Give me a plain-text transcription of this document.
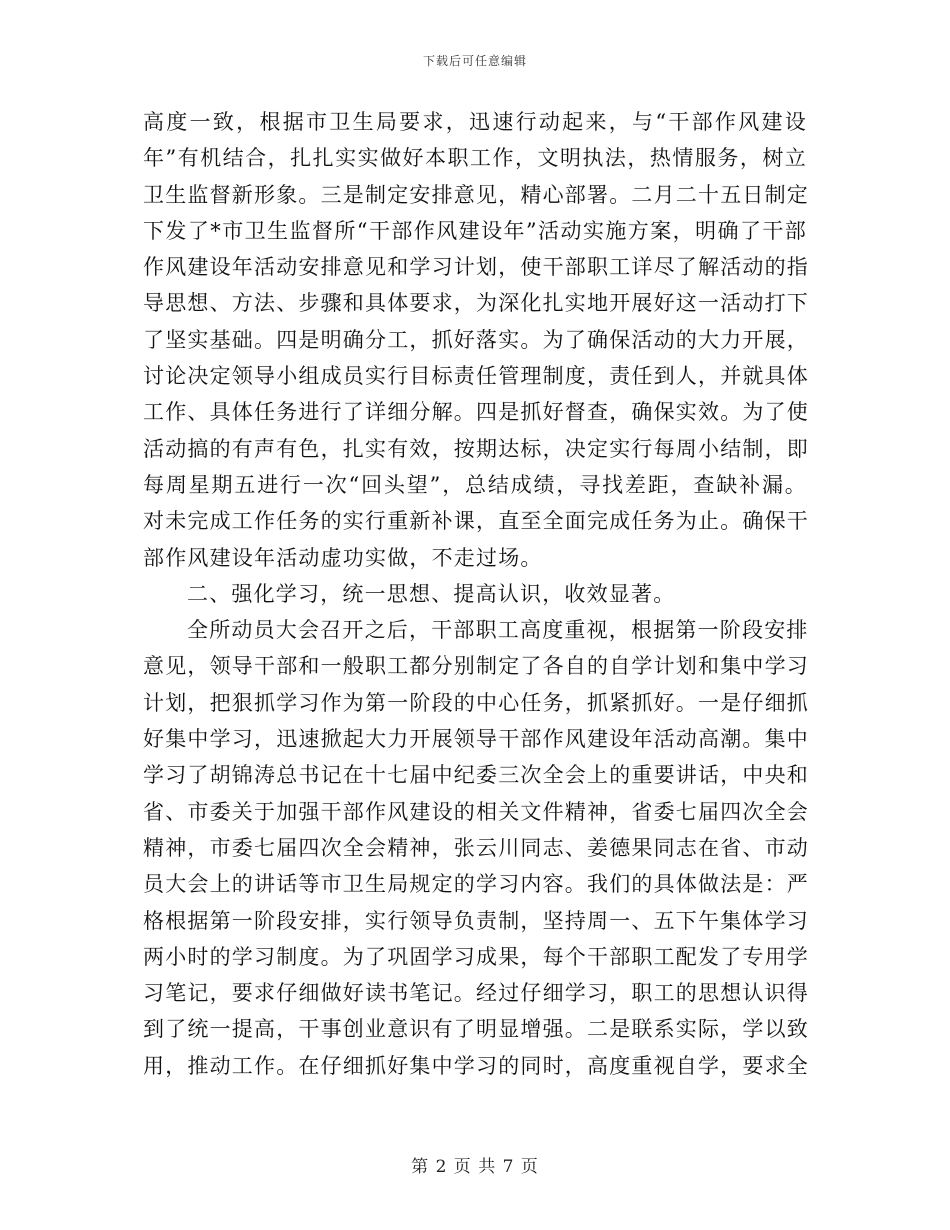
下载后可任意编辑
高度一致，根据市卫生局要求，迅速行动起来，与“干部作风建设
年”有机结合，扎扎实实做好本职工作，文明执法，热情服务，树立
卫生监督新形象。三是制定安排意见，精心部署。二月二十五日制定
下发了*市卫生监督所“干部作风建设年”活动实施方案，明确了干部
作风建设年活动安排意见和学习计划，使干部职工详尽了解活动的指
导思想、方法、步骤和具体要求，为深化扎实地开展好这一活动打下
了坚实基础。四是明确分工，抓好落实。为了确保活动的大力开展，
讨论决定领导小组成员实行目标责任管理制度，责任到人，并就具体
工作、具体任务进行了详细分解。四是抓好督查，确保实效。为了使
活动搞的有声有色，扎实有效，按期达标，决定实行每周小结制，即
每周星期五进行一次“回头望”，总结成绩，寻找差距，查缺补漏。
对未完成工作任务的实行重新补课，直至全面完成任务为止。确保干
部作风建设年活动虚功实做，不走过场。
二、强化学习，统一思想、提高认识，收效显著。
全所动员大会召开之后，干部职工高度重视，根据第一阶段安排
意见，领导干部和一般职工都分别制定了各自的自学计划和集中学习
计划，把狠抓学习作为第一阶段的中心任务，抓紧抓好。一是仔细抓
好集中学习，迅速掀起大力开展领导干部作风建设年活动高潮。集中
学习了胡锦涛总书记在十七届中纪委三次全会上的重要讲话，中央和
省、市委关于加强干部作风建设的相关文件精神，省委七届四次全会
精神，市委七届四次全会精神，张云川同志、姜德果同志在省、市动
员大会上的讲话等市卫生局规定的学习内容。我们的具体做法是：严
格根据第一阶段安排，实行领导负责制，坚持周一、五下午集体学习
两小时的学习制度。为了巩固学习成果，每个干部职工配发了专用学
习笔记，要求仔细做好读书笔记。经过仔细学习，职工的思想认识得
到了统一提高，干事创业意识有了明显增强。二是联系实际，学以致
用，推动工作。在仔细抓好集中学习的同时，高度重视自学，要求全
第 2 页 共 7 页
